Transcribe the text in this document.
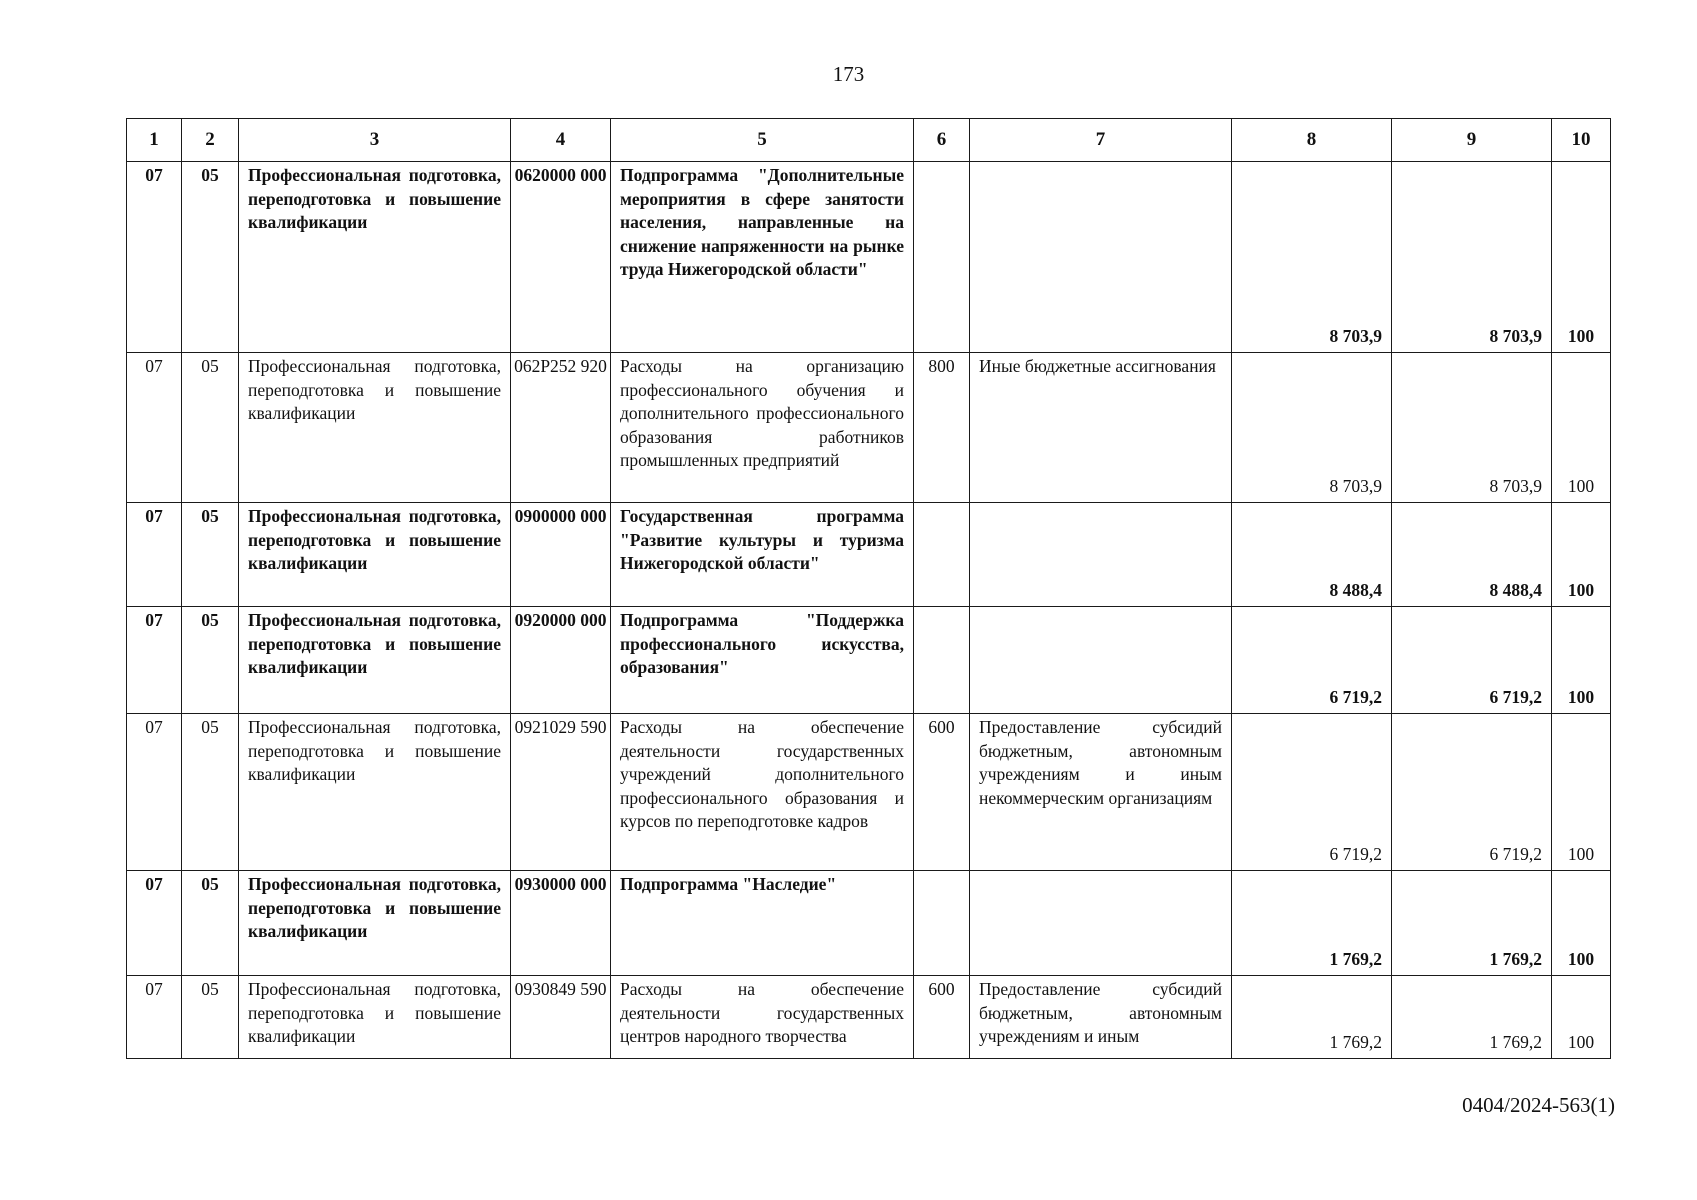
173
1	2	3	4	5	6	7	8	9	10
07	05	Профессиональная подготовка, переподготовка и повышение квалификации	0620000 000	Подпрограмма "Дополнительные мероприятия в сфере занятости населения, направленные на снижение напряженности на рынке труда Нижегородской области"			8 703,9	8 703,9	100
07	05	Профессиональная подготовка, переподготовка и повышение квалификации	062P252 920	Расходы на организацию профессионального обучения и дополнительного профессионального образования работников промышленных предприятий	800	Иные бюджетные ассигнования	8 703,9	8 703,9	100
07	05	Профессиональная подготовка, переподготовка и повышение квалификации	0900000 000	Государственная программа "Развитие культуры и туризма Нижегородской области"			8 488,4	8 488,4	100
07	05	Профессиональная подготовка, переподготовка и повышение квалификации	0920000 000	Подпрограмма "Поддержка профессионального искусства, образования"			6 719,2	6 719,2	100
07	05	Профессиональная подготовка, переподготовка и повышение квалификации	0921029 590	Расходы на обеспечение деятельности государственных учреждений дополнительного профессионального образования и курсов по переподготовке кадров	600	Предоставление субсидий бюджетным, автономным учреждениям и иным некоммерческим организациям	6 719,2	6 719,2	100
07	05	Профессиональная подготовка, переподготовка и повышение квалификации	0930000 000	Подпрограмма "Наследие"			1 769,2	1 769,2	100
07	05	Профессиональная подготовка, переподготовка и повышение квалификации	0930849 590	Расходы на обеспечение деятельности государственных центров народного творчества	600	Предоставление субсидий бюджетным, автономным учреждениям и иным	1 769,2	1 769,2	100
0404/2024-563(1)
